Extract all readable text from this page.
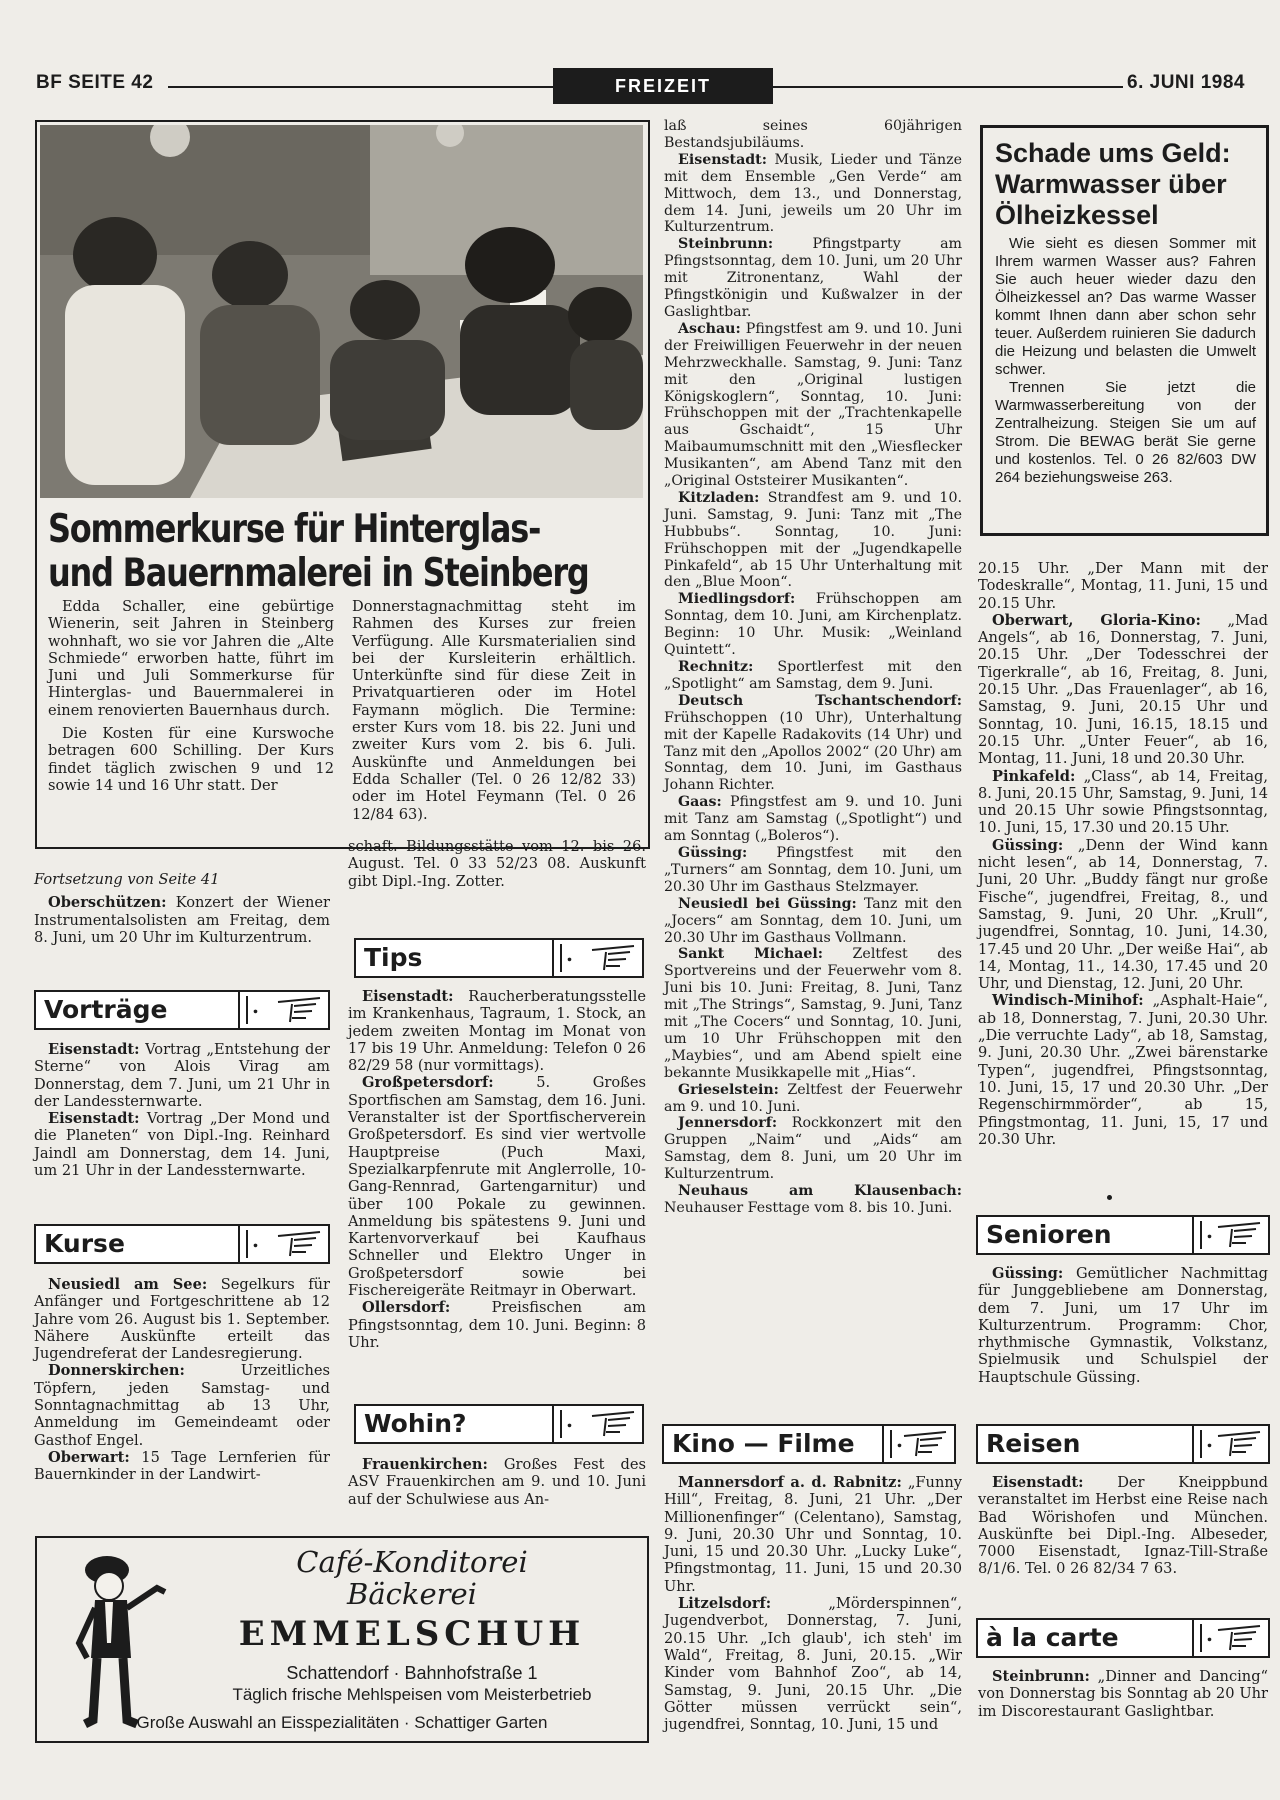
BF SEITE 42	FREIZEIT	6. JUNI 1984
Sommerkurse für Hinterglas-
und Bauernmalerei in Steinberg

Edda Schaller, eine gebürtige Wienerin, seit Jahren in Steinberg wohnhaft, wo sie vor Jahren die „Alte Schmiede“ erworben hatte, führt im Juni und Juli Sommerkurse für Hinterglas- und Bauernmalerei in einem renovierten Bauernhaus durch.

Die Kosten für eine Kurswoche betragen 600 Schilling. Der Kurs findet täglich zwischen 9 und 12 sowie 14 und 16 Uhr statt. Der

Donnerstagnachmittag steht im Rahmen des Kurses zur freien Verfügung. Alle Kursmaterialien sind bei der Kursleiterin erhältlich. Unterkünfte sind für diese Zeit in Privatquartieren oder im Hotel Faymann möglich. Die Termine: erster Kurs vom 18. bis 22. Juni und zweiter Kurs vom 2. bis 6. Juli. Auskünfte und Anmeldungen bei Edda Schaller (Tel. 0 26 12/82 33) oder im Hotel Feymann (Tel. 0 26 12/84 63).

Fortsetzung von Seite 41

Oberschützen: Konzert der Wiener Instrumentalsolisten am Freitag, dem 8. Juni, um 20 Uhr im Kulturzentrum.

Vorträge
.

Eisenstadt: Vortrag „Entstehung der Sterne“ von Alois Virag am Donnerstag, dem 7. Juni, um 21 Uhr in der Landessternwarte.

Eisenstadt: Vortrag „Der Mond und die Planeten“ von Dipl.-Ing. Reinhard Jaindl am Donnerstag, dem 14. Juni, um 21 Uhr in der Landessternwarte.

Kurse
.

Neusiedl am See: Segelkurs für Anfänger und Fortgeschrittene ab 12 Jahre vom 26. August bis 1. September. Nähere Auskünfte erteilt das Jugendreferat der Landesregierung.

Donnerskirchen: Urzeitliches Töpfern, jeden Samstag- und Sonntagnachmittag ab 13 Uhr, Anmeldung im Gemeindeamt oder Gasthof Engel.

Oberwart: 15 Tage Lernferien für Bauernkinder in der Landwirt-

schaft. Bildungsstätte vom 12. bis 26. August. Tel. 0 33 52/23 08. Auskunft gibt Dipl.-Ing. Zotter.

Tips
.

Eisenstadt: Raucherberatungsstelle im Krankenhaus, Tagraum, 1. Stock, an jedem zweiten Montag im Monat von 17 bis 19 Uhr. Anmeldung: Telefon 0 26 82/29 58 (nur vormittags).

Großpetersdorf: 5. Großes Sportfischen am Samstag, dem 16. Juni. Veranstalter ist der Sportfischerverein Großpetersdorf. Es sind vier wertvolle Hauptpreise (Puch Maxi, Spezialkarpfenrute mit Anglerrolle, 10-Gang-Rennrad, Gartengarnitur) und über 100 Pokale zu gewinnen. Anmeldung bis spätestens 9. Juni und Kartenvorverkauf bei Kaufhaus Schneller und Elektro Unger in Großpetersdorf sowie bei Fischereigeräte Reitmayr in Oberwart.

Ollersdorf: Preisfischen am Pfingstsonntag, dem 10. Juni. Beginn: 8 Uhr.

Wohin?
.

Frauenkirchen: Großes Fest des ASV Frauenkirchen am 9. und 10. Juni auf der Schulwiese aus An-

laß seines 60jährigen Bestandsjubiläums.

Eisenstadt: Musik, Lieder und Tänze mit dem Ensemble „Gen Verde“ am Mittwoch, dem 13., und Donnerstag, dem 14. Juni, jeweils um 20 Uhr im Kulturzentrum.

Steinbrunn: Pfingstparty am Pfingstsonntag, dem 10. Juni, um 20 Uhr mit Zitronentanz, Wahl der Pfingstkönigin und Kußwalzer in der Gaslightbar.

Aschau: Pfingstfest am 9. und 10. Juni der Freiwilligen Feuerwehr in der neuen Mehrzweckhalle. Samstag, 9. Juni: Tanz mit den „Original lustigen Königskoglern“, Sonntag, 10. Juni: Frühschoppen mit der „Trachtenkapelle aus Gschaidt“, 15 Uhr Maibaumumschnitt mit den „Wiesflecker Musikanten“, am Abend Tanz mit den „Original Oststeirer Musikanten“.

Kitzladen: Strandfest am 9. und 10. Juni. Samstag, 9. Juni: Tanz mit „The Hubbubs“. Sonntag, 10. Juni: Frühschoppen mit der „Jugendkapelle Pinkafeld“, ab 15 Uhr Unterhaltung mit den „Blue Moon“.

Miedlingsdorf: Frühschoppen am Sonntag, dem 10. Juni, am Kirchenplatz. Beginn: 10 Uhr. Musik: „Weinland Quintett“.

Rechnitz: Sportlerfest mit den „Spotlight“ am Samstag, dem 9. Juni.

Deutsch Tschantschendorf: Frühschoppen (10 Uhr), Unterhaltung mit der Kapelle Radakovits (14 Uhr) und Tanz mit den „Apollos 2002“ (20 Uhr) am Sonntag, dem 10. Juni, im Gasthaus Johann Richter.

Gaas: Pfingstfest am 9. und 10. Juni mit Tanz am Samstag („Spotlight“) und am Sonntag („Boleros“).

Güssing: Pfingstfest mit den „Turners“ am Sonntag, dem 10. Juni, um 20.30 Uhr im Gasthaus Stelzmayer.

Neusiedl bei Güssing: Tanz mit den „Jocers“ am Sonntag, dem 10. Juni, um 20.30 Uhr im Gasthaus Vollmann.

Sankt Michael: Zeltfest des Sportvereins und der Feuerwehr vom 8. Juni bis 10. Juni: Freitag, 8. Juni, Tanz mit „The Strings“, Samstag, 9. Juni, Tanz mit „The Cocers“ und Sonntag, 10. Juni, um 10 Uhr Frühschoppen mit den „Maybies“, und am Abend spielt eine bekannte Musikkapelle mit „Hias“.

Grieselstein: Zeltfest der Feuerwehr am 9. und 10. Juni.

Jennersdorf: Rockkonzert mit den Gruppen „Naim“ und „Aids“ am Samstag, dem 8. Juni, um 20 Uhr im Kulturzentrum.

Neuhaus am Klausenbach: Neuhauser Festtage vom 8. bis 10. Juni.

Kino — Filme
.

Mannersdorf a. d. Rabnitz: „Funny Hill“, Freitag, 8. Juni, 21 Uhr. „Der Millionenfinger“ (Celentano), Samstag, 9. Juni, 20.30 Uhr und Sonntag, 10. Juni, 15 und 20.30 Uhr. „Lucky Luke“, Pfingstmontag, 11. Juni, 15 und 20.30 Uhr.

Litzelsdorf: „Mörderspinnen“, Jugendverbot, Donnerstag, 7. Juni, 20.15 Uhr. „Ich glaub', ich steh' im Wald“, Freitag, 8. Juni, 20.15. „Wir Kinder vom Bahnhof Zoo“, ab 14, Samstag, 9. Juni, 20.15 Uhr. „Die Götter müssen verrückt sein“, jugendfrei, Sonntag, 10. Juni, 15 und

Schade ums Geld: Warmwasser über Ölheizkessel

Wie sieht es diesen Sommer mit Ihrem warmen Wasser aus? Fahren Sie auch heuer wieder dazu den Ölheizkessel an? Das warme Wasser kommt Ihnen dann aber schon sehr teuer. Außerdem ruinieren Sie dadurch die Heizung und belasten die Umwelt schwer.

Trennen Sie jetzt die Warmwasserbereitung von der Zentralheizung. Steigen Sie um auf Strom. Die BEWAG berät Sie gerne und kostenlos. Tel. 0 26 82/603 DW 264 beziehungsweise 263.

20.15 Uhr. „Der Mann mit der Todeskralle“, Montag, 11. Juni, 15 und 20.15 Uhr.

Oberwart, Gloria-Kino: „Mad Angels“, ab 16, Donnerstag, 7. Juni, 20.15 Uhr. „Der Todesschrei der Tigerkralle“, ab 16, Freitag, 8. Juni, 20.15 Uhr. „Das Frauenlager“, ab 16, Samstag, 9. Juni, 20.15 Uhr und Sonntag, 10. Juni, 16.15, 18.15 und 20.15 Uhr. „Unter Feuer“, ab 16, Montag, 11. Juni, 18 und 20.30 Uhr.

Pinkafeld: „Class“, ab 14, Freitag, 8. Juni, 20.15 Uhr, Samstag, 9. Juni, 14 und 20.15 Uhr sowie Pfingstsonntag, 10. Juni, 15, 17.30 und 20.15 Uhr.

Güssing: „Denn der Wind kann nicht lesen“, ab 14, Donnerstag, 7. Juni, 20 Uhr. „Buddy fängt nur große Fische“, jugendfrei, Freitag, 8., und Samstag, 9. Juni, 20 Uhr. „Krull“, jugendfrei, Sonntag, 10. Juni, 14.30, 17.45 und 20 Uhr. „Der weiße Hai“, ab 14, Montag, 11., 14.30, 17.45 und 20 Uhr, und Dienstag, 12. Juni, 20 Uhr.

Windisch-Minihof: „Asphalt-Haie“, ab 18, Donnerstag, 7. Juni, 20.30 Uhr. „Die verruchte Lady“, ab 18, Samstag, 9. Juni, 20.30 Uhr. „Zwei bärenstarke Typen“, jugendfrei, Pfingstsonntag, 10. Juni, 15, 17 und 20.30 Uhr. „Der Regenschirmmörder“, ab 15, Pfingstmontag, 11. Juni, 15, 17 und 20.30 Uhr.

Senioren
.

Güssing: Gemütlicher Nachmittag für Junggebliebene am Donnerstag, dem 7. Juni, um 17 Uhr im Kulturzentrum. Programm: Chor, rhythmische Gymnastik, Volkstanz, Spielmusik und Schulspiel der Hauptschule Güssing.

Reisen
.

Eisenstadt: Der Kneippbund veranstaltet im Herbst eine Reise nach Bad Wörishofen und München. Auskünfte bei Dipl.-Ing. Albeseder, 7000 Eisenstadt, Ignaz-Till-Straße 8/1/6. Tel. 0 26 82/34 7 63.

à la carte
.

Steinbrunn: „Dinner and Dancing“ von Donnerstag bis Sonntag ab 20 Uhr im Discorestaurant Gaslightbar.

Café-Konditorei
Bäckerei
EMMELSCHUH
Schattendorf · Bahnhofstraße 1
Täglich frische Mehlspeisen vom Meisterbetrieb
Große Auswahl an Eisspezialitäten · Schattiger Garten
